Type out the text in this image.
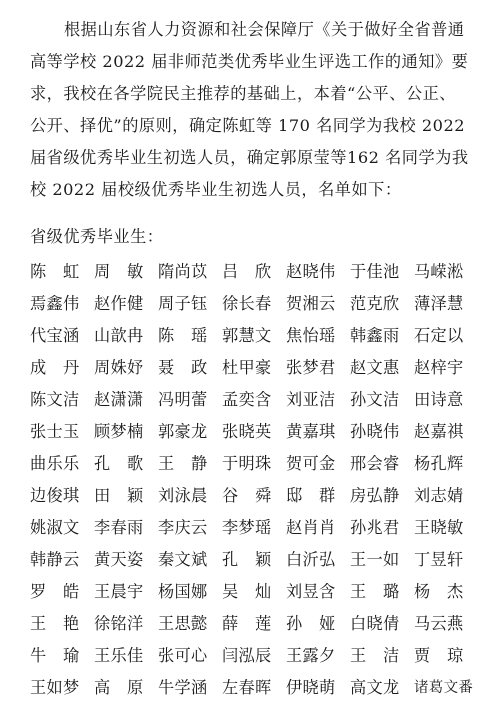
根据山东省人力资源和社会保障厅《关于做好全省普通
高等学校 2022 届非师范类优秀毕业生评选工作的通知》要
求，我校在各学院民主推荐的基础上，本着“公平、公正、
公开、择优”的原则，确定陈虹等 170 名同学为我校 2022
届省级优秀毕业生初选人员，确定郭原莹等162 名同学为我
校 2022 届校级优秀毕业生初选人员，名单如下：
省级优秀毕业生：
陈　虹 周　敏 隋尚苡 吕　欣 赵晓伟 于佳池 马嵘淞
焉鑫伟 赵作健 周子钰 徐长春 贺湘云 范克欣 薄泽慧
代宝涵 山歆冉 陈　瑶 郭慧文 焦怡瑶 韩鑫雨 石定以
成　丹 周姝妤 聂　政 杜甲豪 张梦君 赵文惠 赵梓宇
陈文洁 赵潇潇 冯明蕾 孟奕含 刘亚洁 孙文洁 田诗意
张士玉 顾梦楠 郭豪龙 张晓英 黄嘉琪 孙晓伟 赵嘉祺
曲乐乐 孔　歌 王　静 于明珠 贺可金 邢会睿 杨孔辉
边俊琪 田　颖 刘泳晨 谷　舜 邸　群 房弘静 刘志婧
姚淑文 李春雨 李庆云 李梦瑶 赵肖肖 孙兆君 王晓敏
韩静云 黄天姿 秦文斌 孔　颖 白沂弘 王一如 丁昱轩
罗　皓 王晨宇 杨国娜 吴　灿 刘昱含 王　璐 杨　杰
王　艳 徐铭洋 王思懿 薛　莲 孙　娅 白晓倩 马云燕
牛　瑜 王乐佳 张可心 闫泓辰 王露夕 王　洁 贾　琼
王如梦 高　原 牛学涵 左春晖 伊晓萌 高文龙	诸葛文番
